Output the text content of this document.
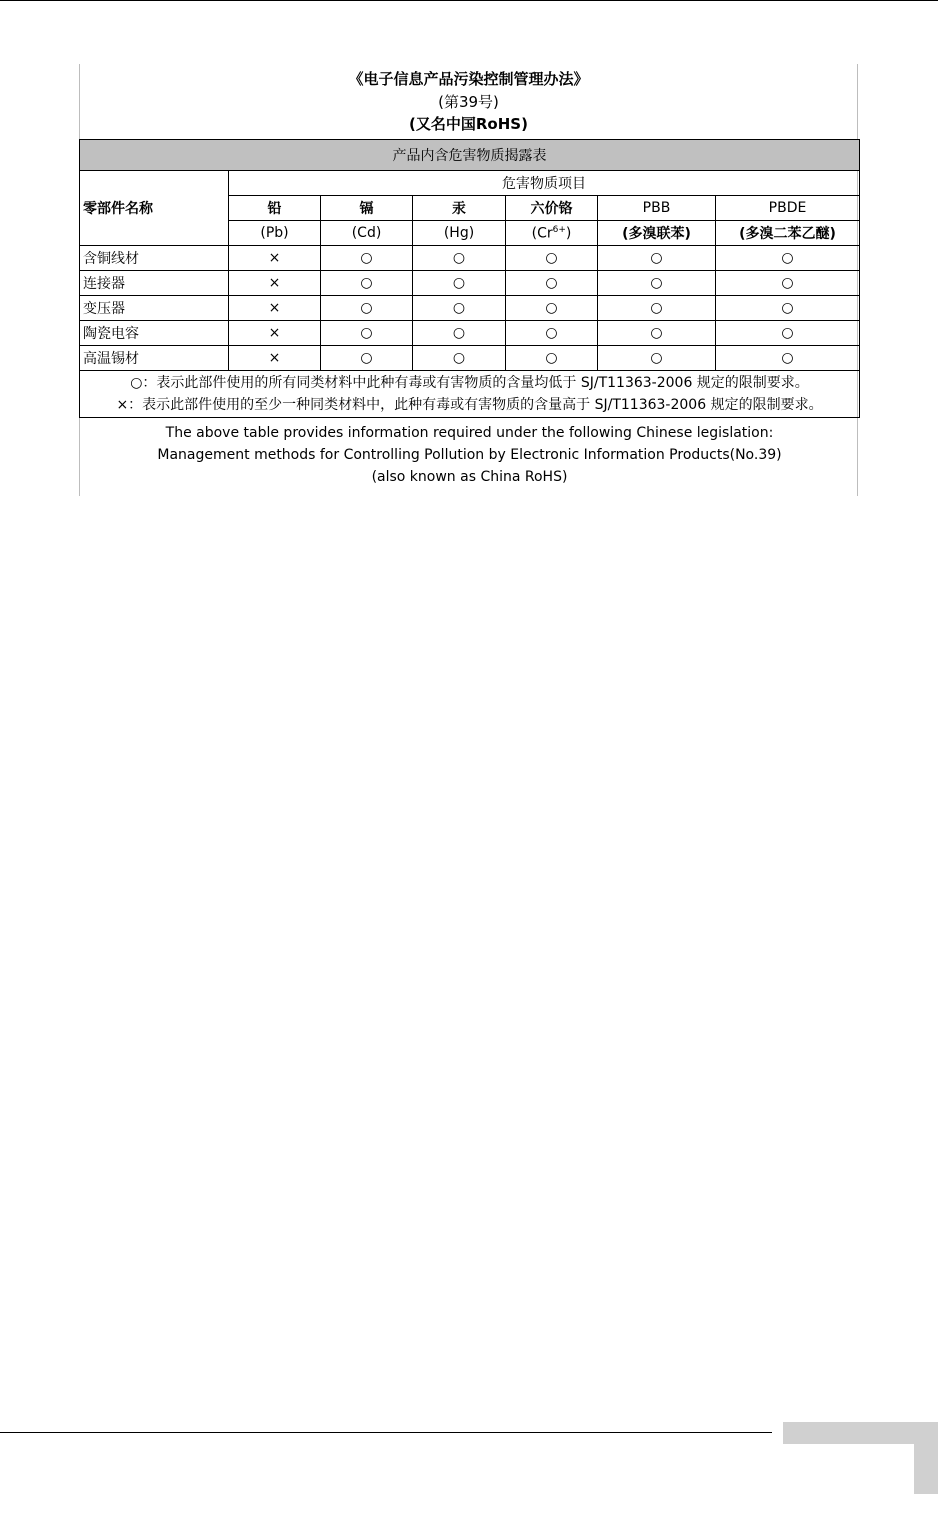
《电子信息产品污染控制管理办法》
(第39号)
(又名中国RoHS)
产品内含危害物质揭露表						
零部件名称	危害物质项目					
	铅	镉	汞	六价铬	PBB	PBDE
	(Pb)	(Cd)	(Hg)	$(Cr^{6+})$	(多溴联苯)	(多溴二苯乙醚)
含铜线材	×	○	○	○	○	○
连接器	×	○	○	○	○	○
变压器	×	○	○	○	○	○
陶瓷电容	×	○	○	○	○	○
高温锡材	×	○	○	○	○	○

○：表示此部件使用的所有同类材料中此种有毒或有害物质的含量均低于 SJ/T11363-2006 规定的限制要求。
×：表示此部件使用的至少一种同类材料中，此种有毒或有害物质的含量高于 SJ/T11363-2006 规定的限制要求。						

The above table provides information required under the following Chinese legislation:
Management methods for Controlling Pollution by Electronic Information Products(No.39)
(also known as China RoHS)						
